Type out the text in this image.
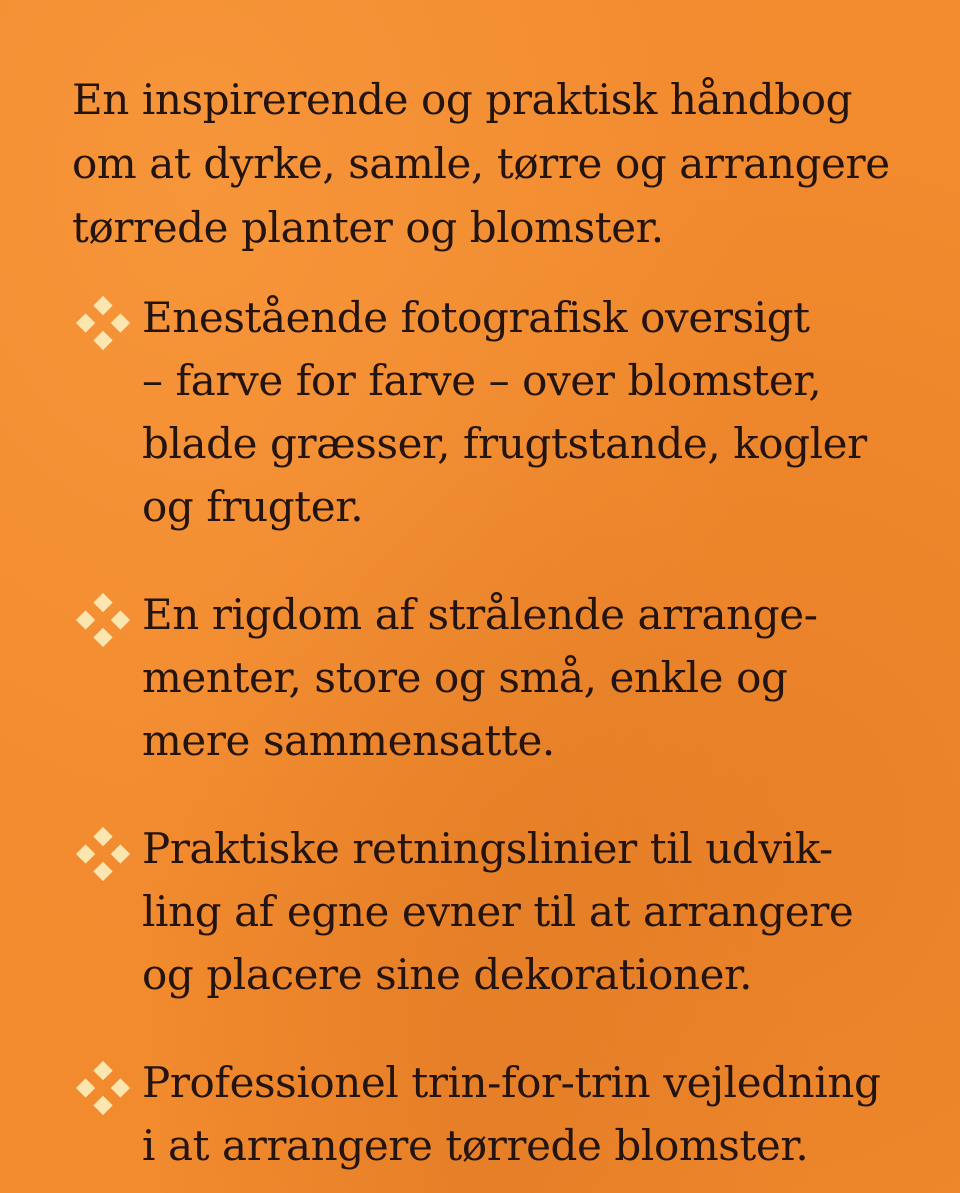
En inspirerende og praktisk håndbog
om at dyrke, samle, tørre og arrangere
tørrede planter og blomster.

Enestående fotografisk oversigt
– farve for farve – over blomster,
blade græsser, frugtstande, kogler
og frugter.
En rigdom af strålende arrange-
menter, store og små, enkle og
mere sammensatte.
Praktiske retningslinier til udvik-
ling af egne evner til at arrangere
og placere sine dekorationer.
Professionel trin-for-trin vejledning
i at arrangere tørrede blomster.
